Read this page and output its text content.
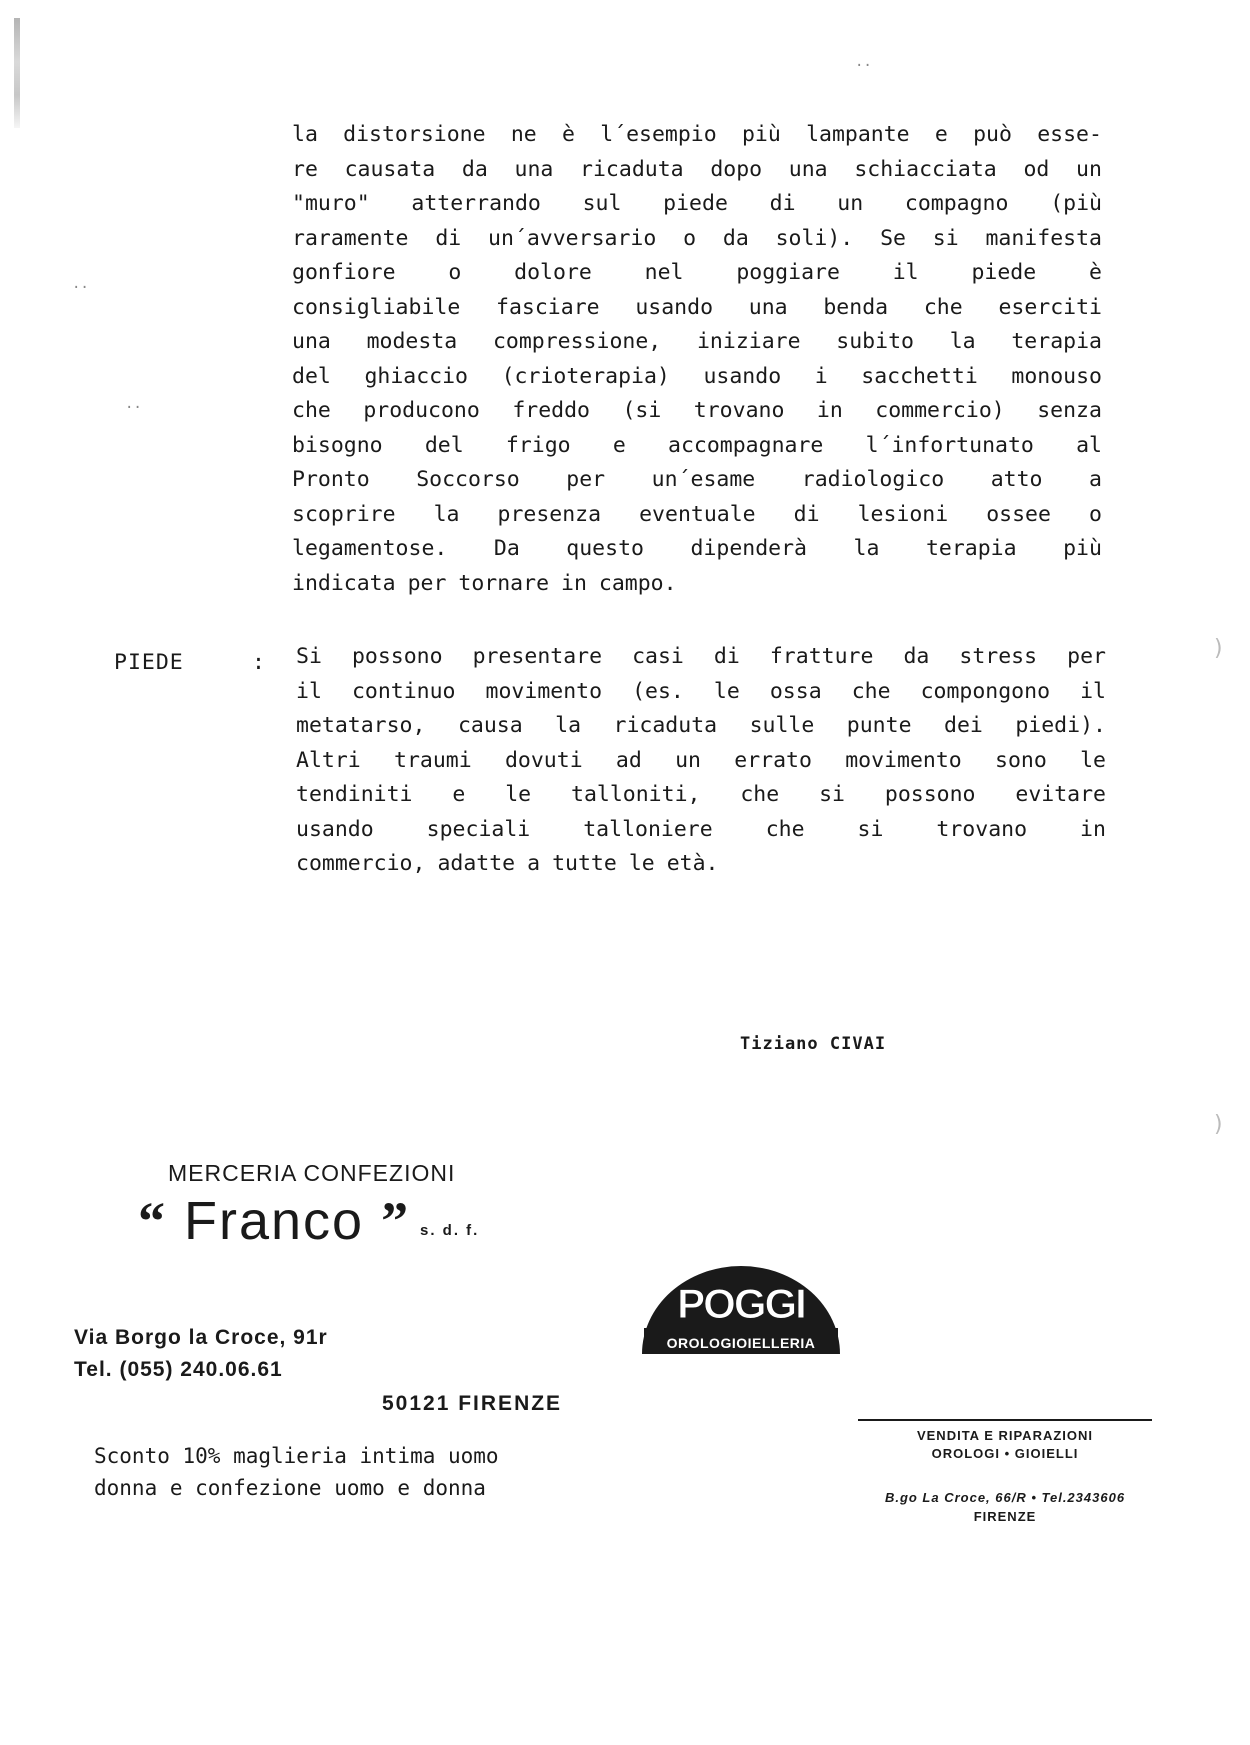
··
··
··
)
)
la distorsione ne è l´esempio più lampante e può esse-
re causata da una ricaduta dopo una schiacciata od un
"muro" atterrando sul piede di un compagno (più
raramente di un´avversario o da soli). Se si manifesta
gonfiore o dolore nel poggiare il piede è
consigliabile fasciare usando una benda che eserciti
una modesta compressione, iniziare subito la terapia
del ghiaccio (crioterapia) usando i sacchetti monouso
che producono freddo (si trovano in commercio) senza
bisogno del frigo e accompagnare l´infortunato al
Pronto Soccorso per un´esame radiologico atto a
scoprire la presenza eventuale di lesioni ossee o
legamentose. Da questo dipenderà la terapia più
indicata per tornare in campo.
PIEDE	: Si possono presentare casi di fratture da stress per
il continuo movimento (es. le ossa che compongono il
metatarso, causa la ricaduta sulle punte dei piedi).
Altri traumi dovuti ad un errato movimento sono le
tendiniti e le talloniti, che si possono evitare
usando speciali talloniere che si trovano in
commercio, adatte a tutte le età.
Tiziano CIVAI
MERCERIA CONFEZIONI
“ Franco ” s. d. f.
Via Borgo la Croce, 91r
Tel. (055) 240.06.61
50121 FIRENZE
Sconto 10% maglieria intima uomo
donna e confezione uomo e donna
POGGI
OROLOGIOIELLERIA
VENDITA E RIPARAZIONI
OROLOGI • GIOIELLI
B.go La Croce, 66/R • Tel.2343606
FIRENZE
